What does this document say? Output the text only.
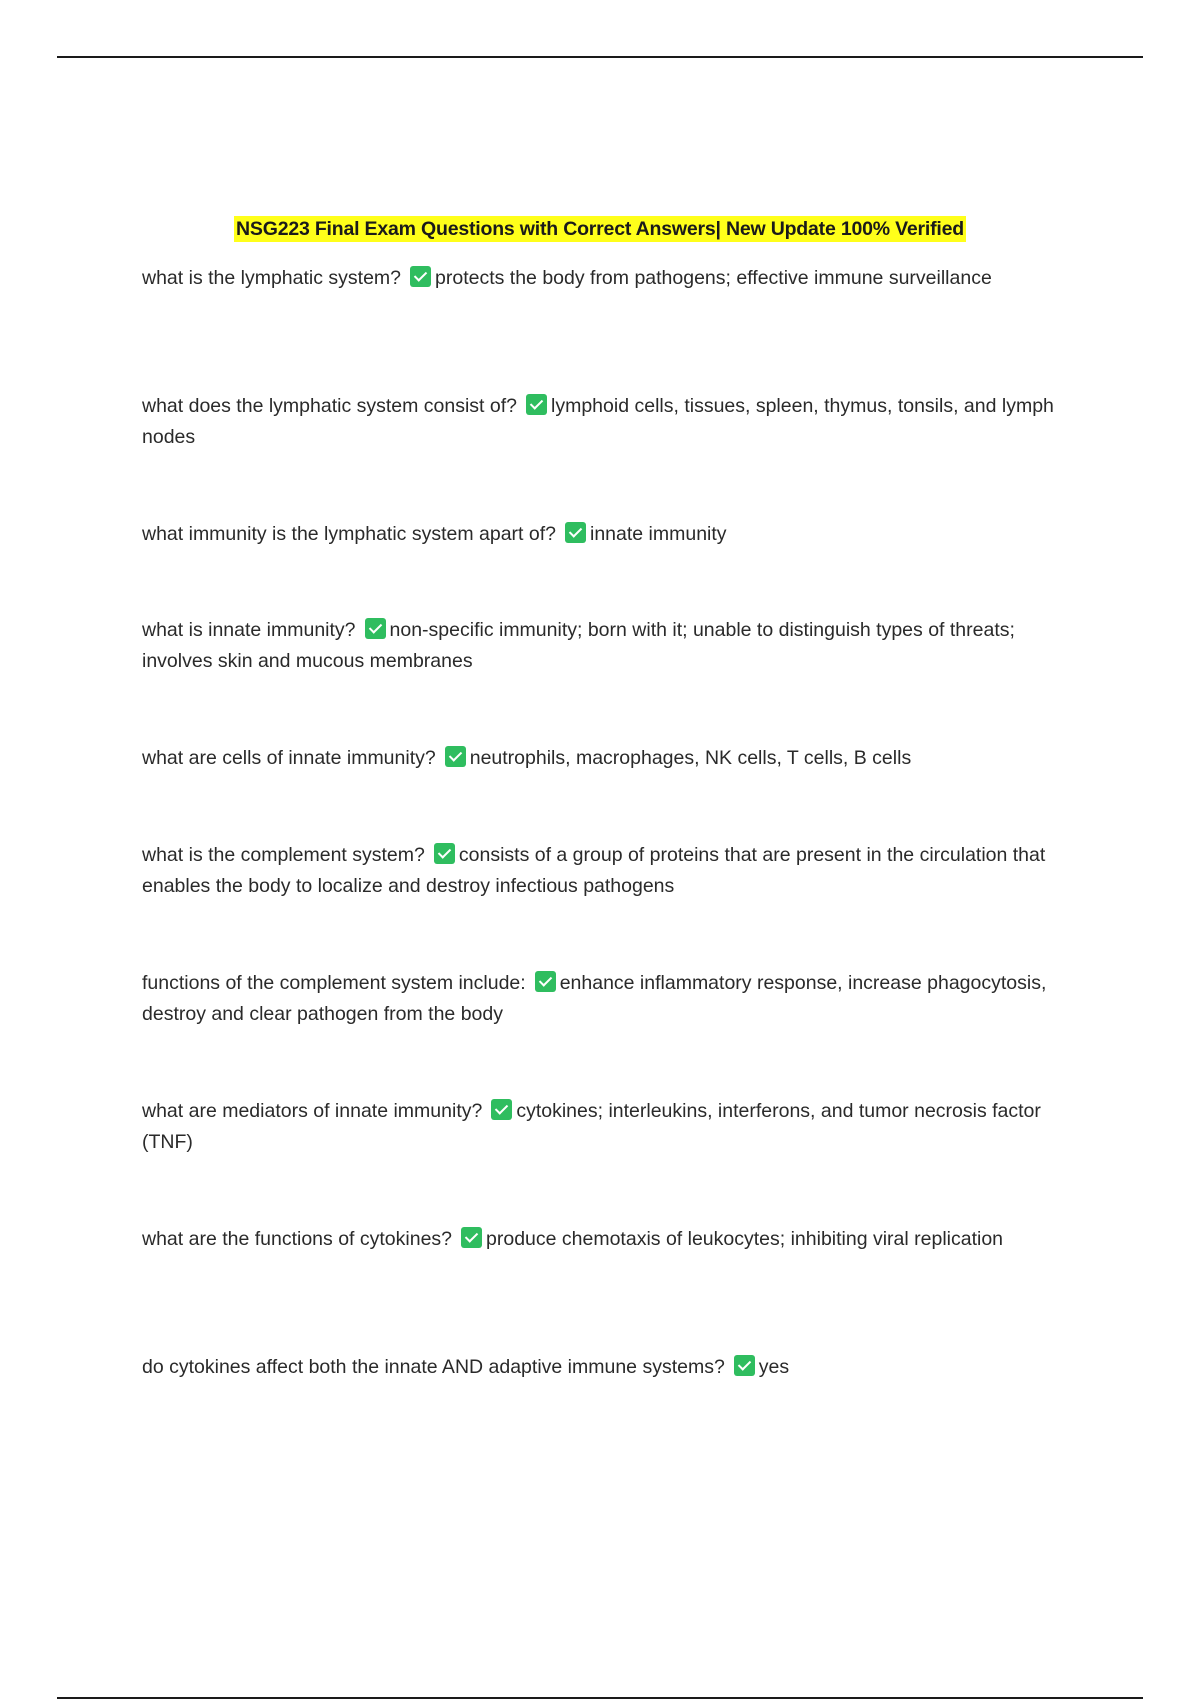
NSG223 Final Exam Questions with Correct Answers| New Update 100% Verified
what is the lymphatic system? protects the body from pathogens; effective immune surveillance
what does the lymphatic system consist of? lymphoid cells, tissues, spleen, thymus, tonsils, and lymph nodes
what immunity is the lymphatic system apart of? innate immunity
what is innate immunity? non-specific immunity; born with it; unable to distinguish types of threats; involves skin and mucous membranes
what are cells of innate immunity? neutrophils, macrophages, NK cells, T cells, B cells
what is the complement system? consists of a group of proteins that are present in the circulation that enables the body to localize and destroy infectious pathogens
functions of the complement system include: enhance inflammatory response, increase phagocytosis, destroy and clear pathogen from the body
what are mediators of innate immunity? cytokines; interleukins, interferons, and tumor necrosis factor (TNF)
what are the functions of cytokines? produce chemotaxis of leukocytes; inhibiting viral replication
do cytokines affect both the innate AND adaptive immune systems? yes
